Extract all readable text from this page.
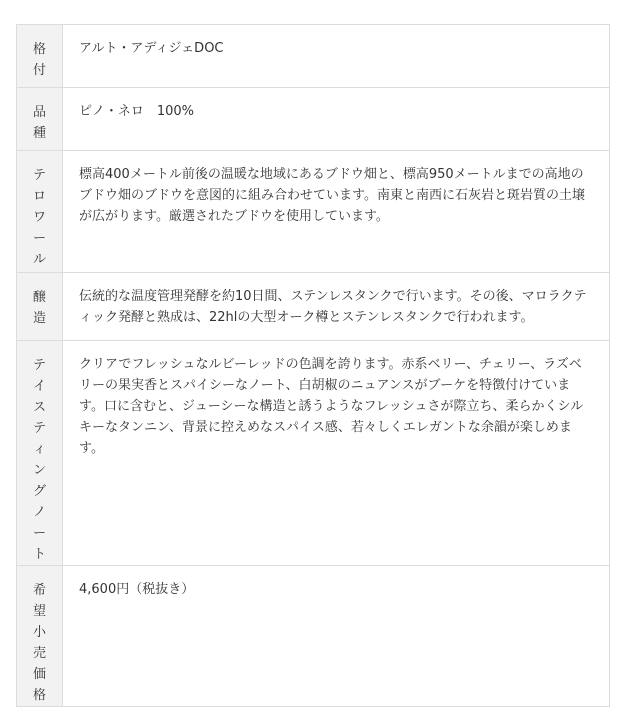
格付	アルト・アディジェDOC

品種	ピノ・ネロ　100%

テロワール	標高400メートル前後の温暖な地域にあるブドウ畑と、標高950メートルまでの高地のブドウ畑のブドウを意図的に組み合わせています。南東と南西に石灰岩と斑岩質の土壌が広がります。厳選されたブドウを使用しています。

醸造	伝統的な温度管理発酵を約10日間、ステンレスタンクで行います。その後、マロラクティック発酵と熟成は、22hlの大型オーク樽とステンレスタンクで行われます。

テイスティングノート	クリアでフレッシュなルビーレッドの色調を誇ります。赤系ベリー、チェリー、ラズベリーの果実香とスパイシーなノート、白胡椒のニュアンスがブーケを特徴付けています。口に含むと、ジューシーな構造と誘うようなフレッシュさが際立ち、柔らかくシルキーなタンニン、背景に控えめなスパイス感、若々しくエレガントな余韻が楽しめます。

希望小売価格	4,600円（税抜き）
